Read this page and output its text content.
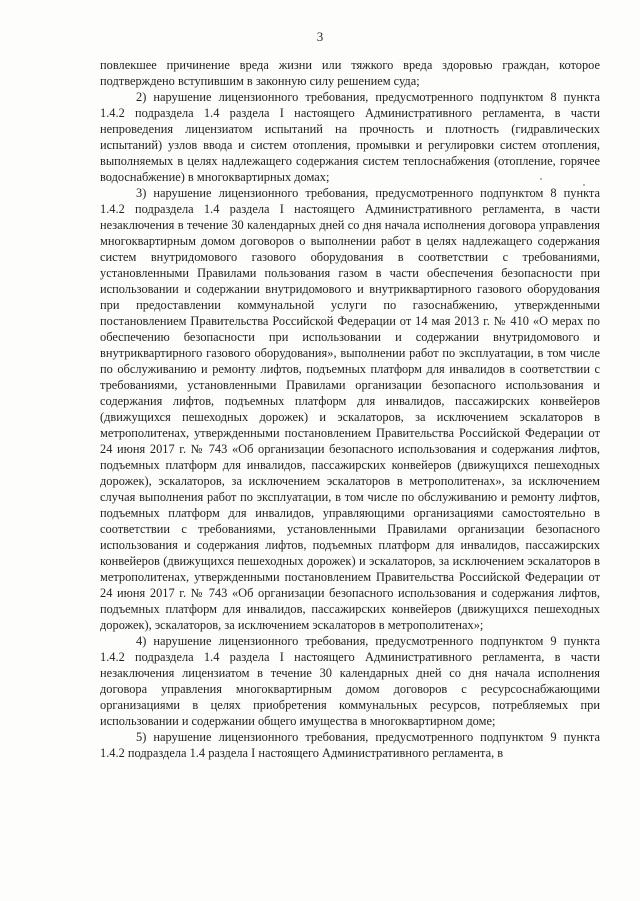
3

повлекшее причинение вреда жизни или тяжкого вреда здоровью граждан, которое подтверждено вступившим в законную силу решением суда;

2) нарушение лицензионного требования, предусмотренного подпунктом 8 пункта 1.4.2 подраздела 1.4 раздела I настоящего Административного регламента, в части непроведения лицензиатом испытаний на прочность и плотность (гидравлических испытаний) узлов ввода и систем отопления, промывки и регулировки систем отопления, выполняемых в целях надлежащего содержания систем теплоснабжения (отопление, горячее водоснабжение) в многоквартирных домах;

3) нарушение лицензионного требования, предусмотренного подпунктом 8 пункта 1.4.2 подраздела 1.4 раздела I настоящего Административного регламента, в части незаключения в течение 30 календарных дней со дня начала исполнения договора управления многоквартирным домом договоров о выполнении работ в целях надлежащего содержания систем внутридомового газового оборудования в соответствии с требованиями, установленными Правилами пользования газом в части обеспечения безопасности при использовании и содержании внутридомового и внутриквартирного газового оборудования при предоставлении коммунальной услуги по газоснабжению, утвержденными постановлением Правительства Российской Федерации от 14 мая 2013 г. № 410 «О мерах по обеспечению безопасности при использовании и содержании внутридомового и внутриквартирного газового оборудования», выполнении работ по эксплуатации, в том числе по обслуживанию и ремонту лифтов, подъемных платформ для инвалидов в соответствии с требованиями, установленными Правилами организации безопасного использования и содержания лифтов, подъемных платформ для инвалидов, пассажирских конвейеров (движущихся пешеходных дорожек) и эскалаторов, за исключением эскалаторов в метрополитенах, утвержденными постановлением Правительства Российской Федерации от 24 июня 2017 г. № 743 «Об организации безопасного использования и содержания лифтов, подъемных платформ для инвалидов, пассажирских конвейеров (движущихся пешеходных дорожек), эскалаторов, за исключением эскалаторов в метрополитенах», за исключением случая выполнения работ по эксплуатации, в том числе по обслуживанию и ремонту лифтов, подъемных платформ для инвалидов, управляющими организациями самостоятельно в соответствии с требованиями, установленными Правилами организации безопасного использования и содержания лифтов, подъемных платформ для инвалидов, пассажирских конвейеров (движущихся пешеходных дорожек) и эскалаторов, за исключением эскалаторов в метрополитенах, утвержденными постановлением Правительства Российской Федерации от 24 июня 2017 г. № 743 «Об организации безопасного использования и содержания лифтов, подъемных платформ для инвалидов, пассажирских конвейеров (движущихся пешеходных дорожек), эскалаторов, за исключением эскалаторов в метрополитенах»;

4) нарушение лицензионного требования, предусмотренного подпунктом 9 пункта 1.4.2 подраздела 1.4 раздела I настоящего Административного регламента, в части незаключения лицензиатом в течение 30 календарных дней со дня начала исполнения договора управления многоквартирным домом договоров с ресурсоснабжающими организациями в целях приобретения коммунальных ресурсов, потребляемых при использовании и содержании общего имущества в многоквартирном доме;

5) нарушение лицензионного требования, предусмотренного подпунктом 9 пункта 1.4.2 подраздела 1.4 раздела I настоящего Административного регламента, в
